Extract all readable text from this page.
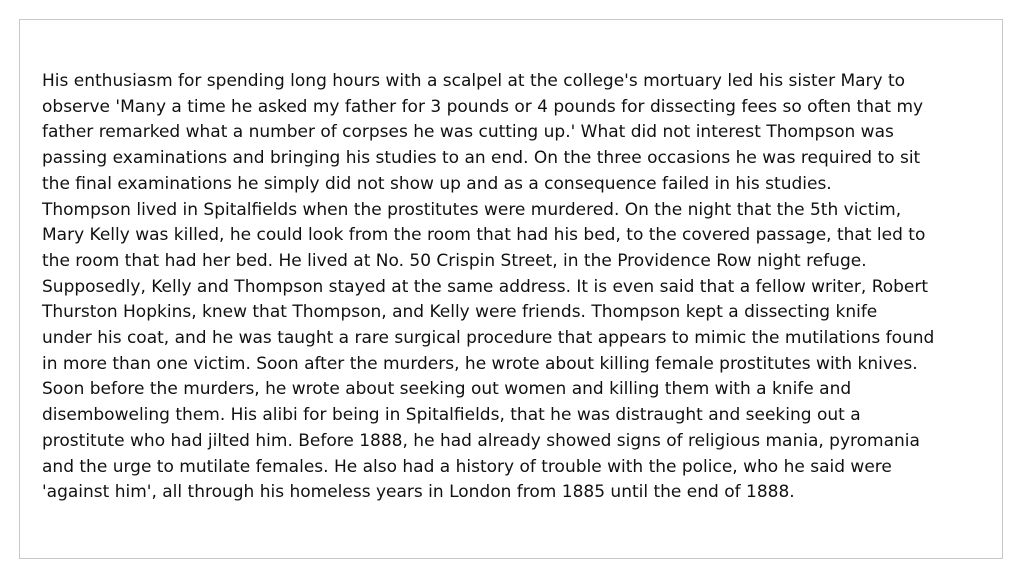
His enthusiasm for spending long hours with a scalpel at the college's mortuary led his sister Mary to
observe 'Many a time he asked my father for 3 pounds or 4 pounds for dissecting fees so often that my
father remarked what a number of corpses he was cutting up.' What did not interest Thompson was
passing examinations and bringing his studies to an end. On the three occasions he was required to sit
the final examinations he simply did not show up and as a consequence failed in his studies.
Thompson lived in Spitalfields when the prostitutes were murdered. On the night that the 5th victim,
Mary Kelly was killed, he could look from the room that had his bed, to the covered passage, that led to
the room that had her bed. He lived at No. 50 Crispin Street, in the Providence Row night refuge.
Supposedly, Kelly and Thompson stayed at the same address. It is even said that a fellow writer, Robert
Thurston Hopkins, knew that Thompson, and Kelly were friends. Thompson kept a dissecting knife
under his coat, and he was taught a rare surgical procedure that appears to mimic the mutilations found
in more than one victim. Soon after the murders, he wrote about killing female prostitutes with knives.
Soon before the murders, he wrote about seeking out women and killing them with a knife and
disemboweling them. His alibi for being in Spitalfields, that he was distraught and seeking out a
prostitute who had jilted him. Before 1888, he had already showed signs of religious mania, pyromania
and the urge to mutilate females. He also had a history of trouble with the police, who he said were
'against him', all through his homeless years in London from 1885 until the end of 1888.
